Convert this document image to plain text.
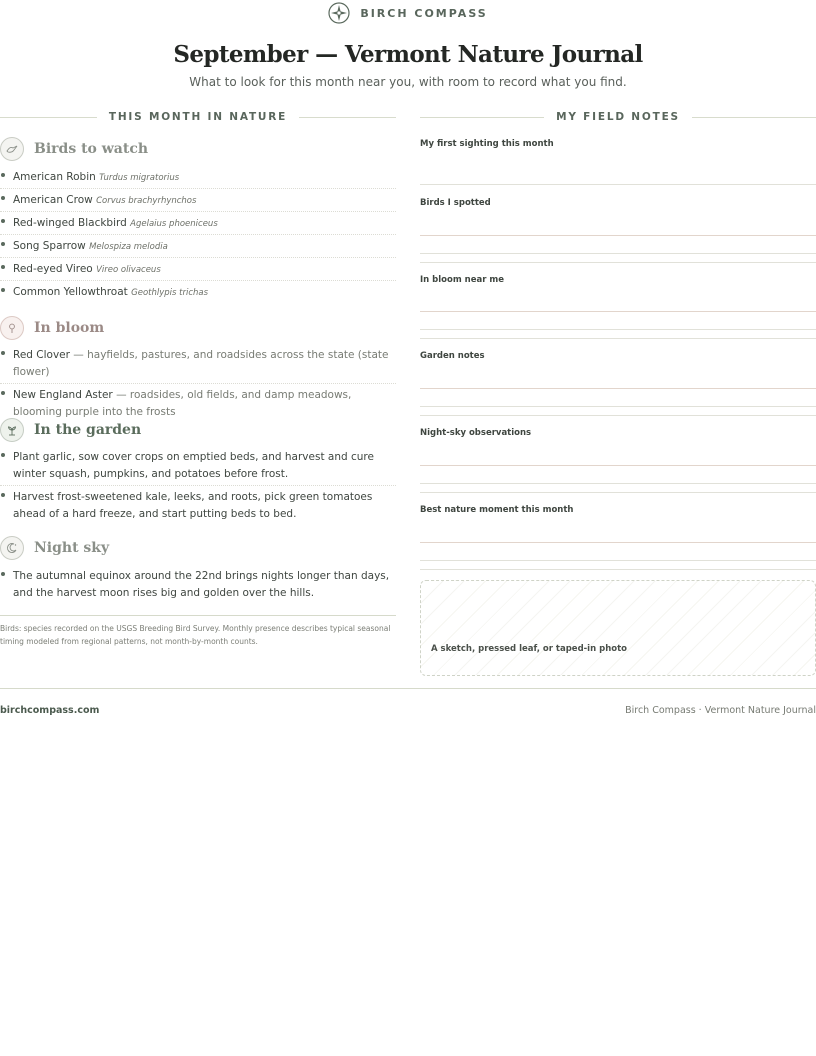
BIRCH COMPASS
September — Vermont Nature Journal
What to look for this month near you, with room to record what you find.
THIS MONTH IN NATURE	MY FIELD NOTES
Birds to watch
American Robin Turdus migratorius
American Crow Corvus brachyrhynchos
Red-winged Blackbird Agelaius phoeniceus
Song Sparrow Melospiza melodia
Red-eyed Vireo Vireo olivaceus
Common Yellowthroat Geothlypis trichas
In bloom
Red Clover — hayfields, pastures, and roadsides across the state (state flower)
New England Aster — roadsides, old fields, and damp meadows, blooming purple into the frosts
In the garden
Plant garlic, sow cover crops on emptied beds, and harvest and cure winter squash, pumpkins, and potatoes before frost.
Harvest frost-sweetened kale, leeks, and roots, pick green tomatoes ahead of a hard freeze, and start putting beds to bed.
Night sky
The autumnal equinox around the 22nd brings nights longer than days, and the harvest moon rises big and golden over the hills.
Birds: species recorded on the USGS Breeding Bird Survey. Monthly presence describes typical seasonal timing modeled from regional patterns, not month-by-month counts.
My first sighting this month
Birds I spotted
In bloom near me
Garden notes
Night-sky observations
Best nature moment this month
A sketch, pressed leaf, or taped-in photo
birchcompass.com	Birch Compass · Vermont Nature Journal
